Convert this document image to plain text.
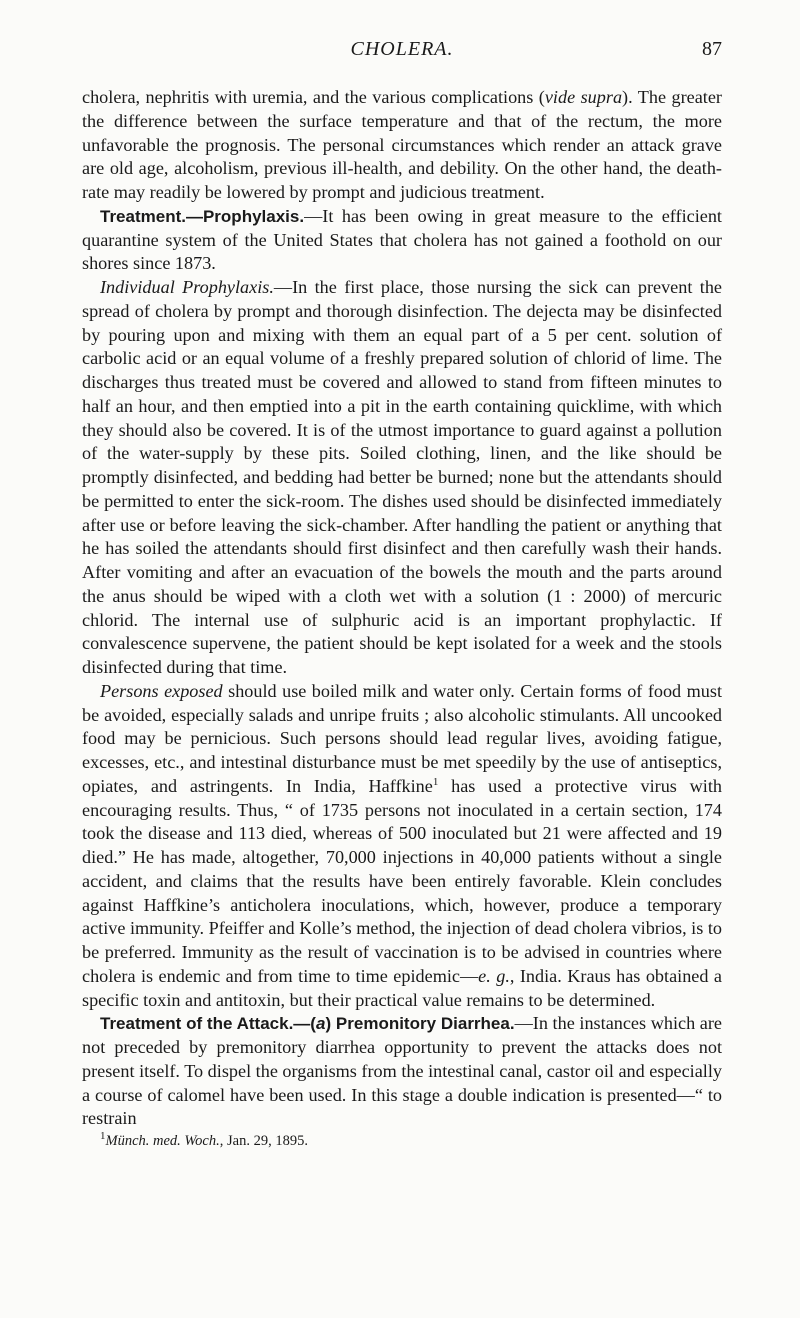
CHOLERA.	87

cholera, nephritis with uremia, and the various complications (vide supra). The greater the difference between the surface temperature and that of the rectum, the more unfavorable the prognosis. The personal circumstances which render an attack grave are old age, alcoholism, previous ill-health, and debility. On the other hand, the death-rate may readily be lowered by prompt and judicious treatment.

Treatment.—Prophylaxis.—It has been owing in great measure to the efficient quarantine system of the United States that cholera has not gained a foothold on our shores since 1873.

Individual Prophylaxis.—In the first place, those nursing the sick can prevent the spread of cholera by prompt and thorough disinfection. The dejecta may be disinfected by pouring upon and mixing with them an equal part of a 5 per cent. solution of carbolic acid or an equal volume of a freshly prepared solution of chlorid of lime. The discharges thus treated must be covered and allowed to stand from fifteen minutes to half an hour, and then emptied into a pit in the earth containing quicklime, with which they should also be covered. It is of the utmost importance to guard against a pollution of the water-supply by these pits. Soiled clothing, linen, and the like should be promptly disinfected, and bedding had better be burned; none but the attendants should be permitted to enter the sick-room. The dishes used should be disinfected immediately after use or before leaving the sick-chamber. After handling the patient or anything that he has soiled the attendants should first disinfect and then carefully wash their hands. After vomiting and after an evacuation of the bowels the mouth and the parts around the anus should be wiped with a cloth wet with a solution (1 : 2000) of mercuric chlorid. The internal use of sulphuric acid is an important prophylactic. If convalescence supervene, the patient should be kept isolated for a week and the stools disinfected during that time.

Persons exposed should use boiled milk and water only. Certain forms of food must be avoided, especially salads and unripe fruits ; also alcoholic stimulants. All uncooked food may be pernicious. Such persons should lead regular lives, avoiding fatigue, excesses, etc., and intestinal disturbance must be met speedily by the use of antiseptics, opiates, and astringents. In India, Haffkine$^1$ has used a protective virus with encouraging results. Thus, “ of 1735 persons not inoculated in a certain section, 174 took the disease and 113 died, whereas of 500 inoculated but 21 were affected and 19 died.” He has made, altogether, 70,000 injections in 40,000 patients without a single accident, and claims that the results have been entirely favorable. Klein concludes against Haffkine’s anticholera inoculations, which, however, produce a temporary active immunity. Pfeiffer and Kolle’s method, the injection of dead cholera vibrios, is to be preferred. Immunity as the result of vaccination is to be advised in countries where cholera is endemic and from time to time epidemic—e. g., India. Kraus has obtained a specific toxin and antitoxin, but their practical value remains to be determined.

Treatment of the Attack.—(a) Premonitory Diarrhea.—In the instances which are not preceded by premonitory diarrhea opportunity to prevent the attacks does not present itself. To dispel the organisms from the intestinal canal, castor oil and especially a course of calomel have been used. In this stage a double indication is presented—“ to restrain

$^1$Münch. med. Woch., Jan. 29, 1895.
